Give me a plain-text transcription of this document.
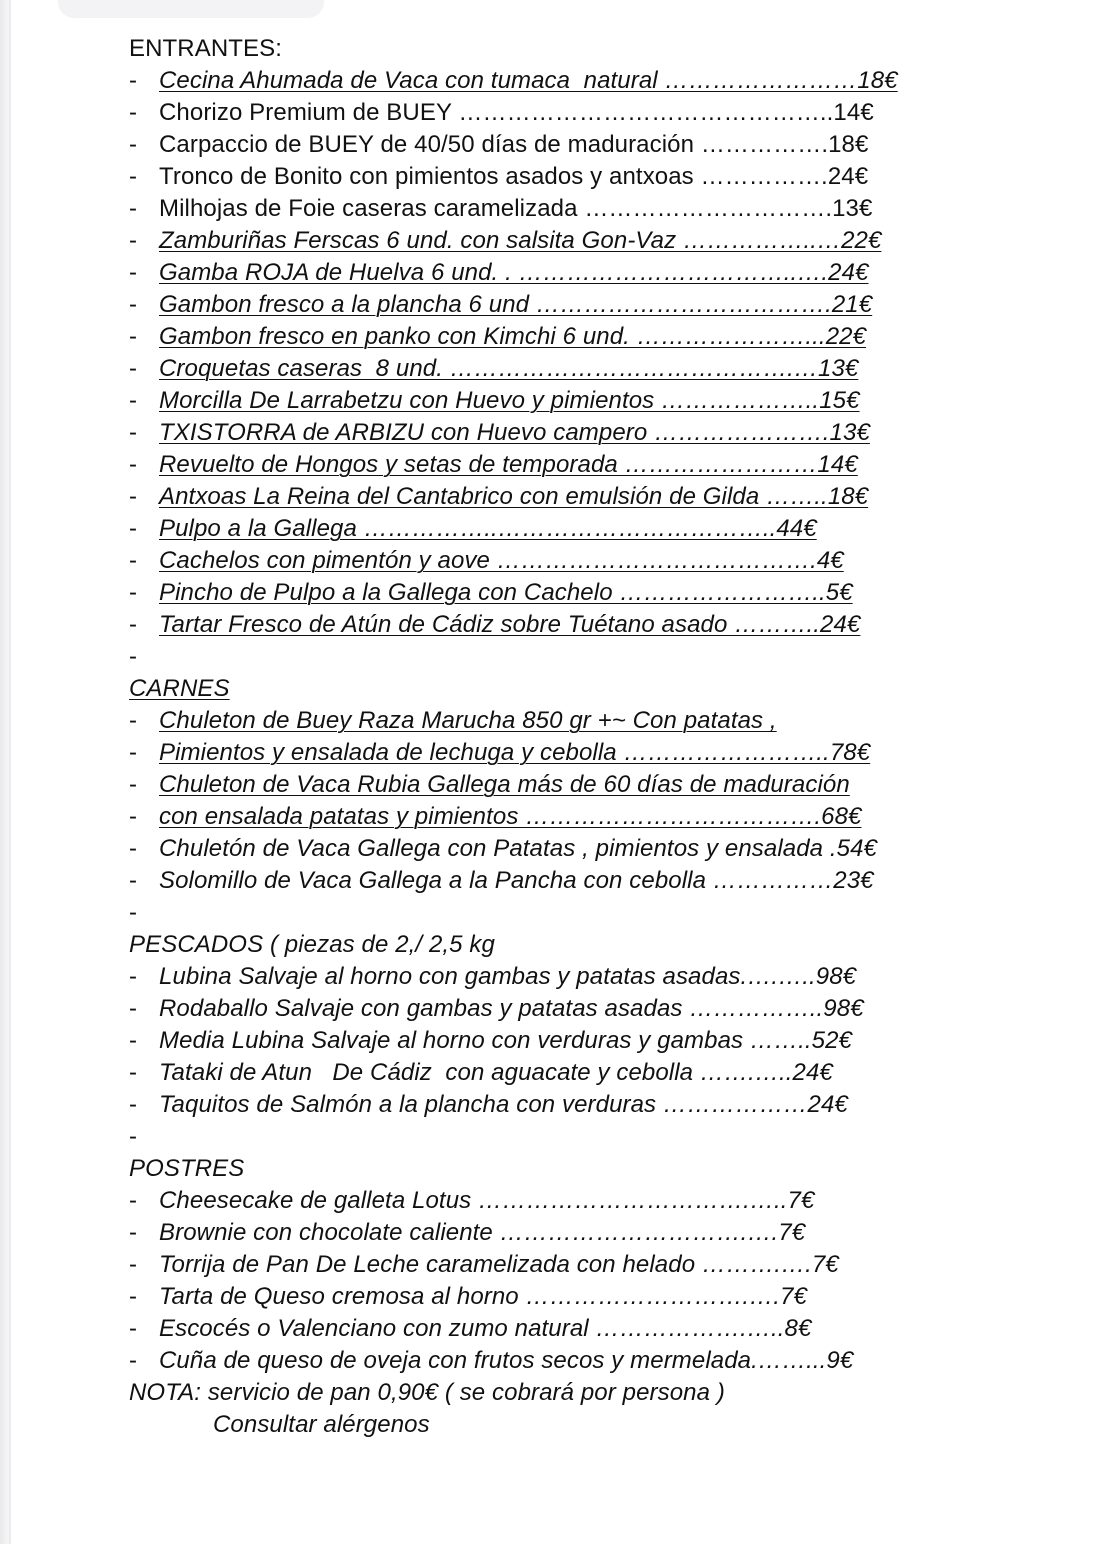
ENTRANTES:
- Cecina Ahumada de Vaca con tumaca  natural ……………………18€
- Chorizo Premium de BUEY ………………………………………..14€
- Carpaccio de BUEY de 40/50 días de maduración …………….18€
- Tronco de Bonito con pimientos asados y antxoas …………….24€
- Milhojas de Foie caseras caramelizada ………………………….13€
- Zamburiñas Ferscas 6 und. con salsita Gon-Vaz ……………..…22€
- Gamba ROJA de Huelva 6 und. . ……………………………..….24€
- Gambon fresco a la plancha 6 und ……………………………….21€
- Gambon fresco en panko con Kimchi 6 und. …………………...22€
- Croquetas caseras  8 und. …………………………………….…13€
- Morcilla De Larrabetzu con Huevo y pimientos ………………..15€
- TXISTORRA de ARBIZU con Huevo campero ………………….13€
- Revuelto de Hongos y setas de temporada ……………………14€
- Antxoas La Reina del Cantabrico con emulsión de Gilda ……..18€
- Pulpo a la Gallega ……………..……………………………..44€
- Cachelos con pimentón y aove ………………………………….4€
- Pincho de Pulpo a la Gallega con Cachelo ……………………..5€
- Tartar Fresco de Atún de Cádiz sobre Tuétano asado ………..24€
-
CARNES
- Chuleton de Buey Raza Marucha 850 gr +~ Con patatas ,
- Pimientos y ensalada de lechuga y cebolla ……………………..78€
- Chuleton de Vaca Rubia Gallega más de 60 días de maduración
- con ensalada patatas y pimientos ……………………………….68€
- Chuletón de Vaca Gallega con Patatas , pimientos y ensalada .54€
- Solomillo de Vaca Gallega a la Pancha con cebolla ……………23€
-
PESCADOS ( piezas de 2,/ 2,5 kg
- Lubina Salvaje al horno con gambas y patatas asadas.….…..98€
- Rodaballo Salvaje con gambas y patatas asadas ……………..98€
- Media Lubina Salvaje al horno con verduras y gambas ……..52€
- Tataki de Atun   De Cádiz  con aguacate y cebolla …….…..24€
- Taquitos de Salmón a la plancha con verduras ………………24€
-
POSTRES
- Cheesecake de galleta Lotus …………………………….…..7€
- Brownie con chocolate caliente ………………………….….7€
- Torrija de Pan De Leche caramelizada con helado ……….….7€
- Tarta de Queso cremosa al horno ……………………….….7€
- Escocés o Valenciano con zumo natural ……………….…..8€
- Cuña de queso de oveja con frutos secos y mermelada.……...9€
NOTA: servicio de pan 0,90€ ( se cobrará por persona )
Consultar alérgenos
